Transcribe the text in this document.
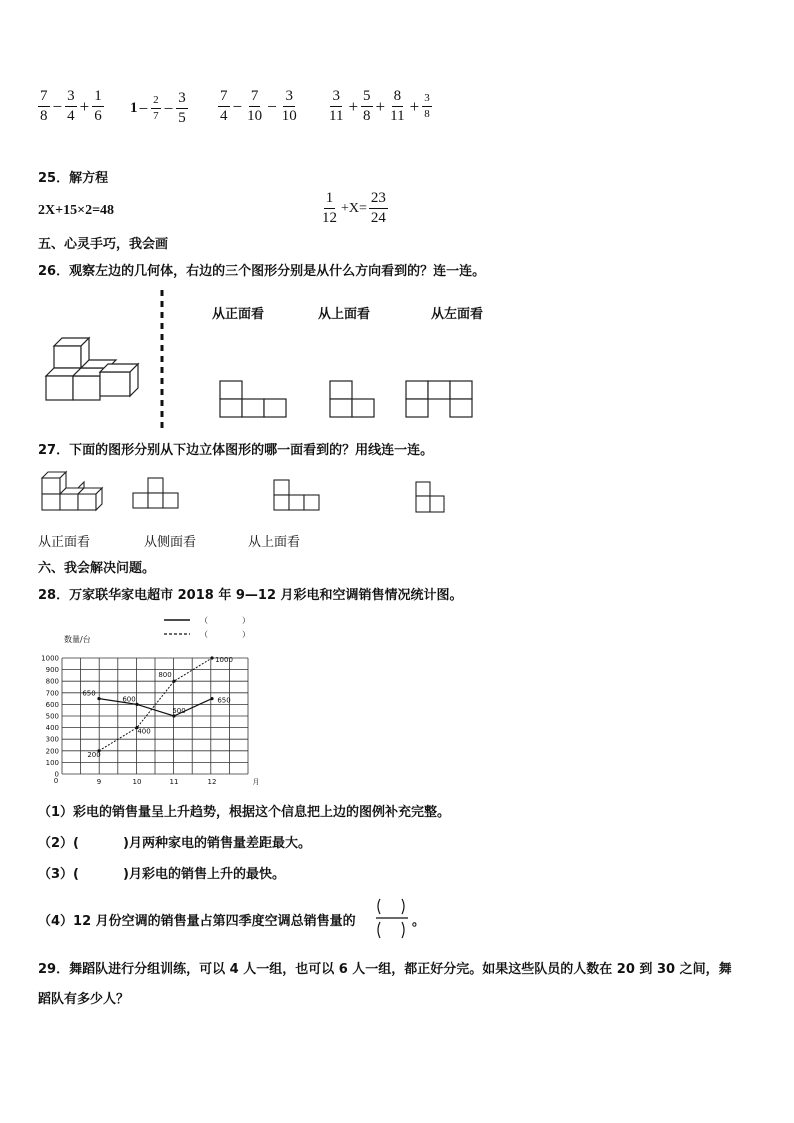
$\frac{7}{8} - \frac{3}{4} + \frac{1}{6} 1 - \frac{2}{7} - \frac{3}{5} \frac{7}{4} - \frac{7}{10} - \frac{3}{10} \frac{3}{11} + \frac{5}{8} + \frac{8}{11} + \frac{3}{8}$
25．解方程
2X+15×2=48	$\frac{1}{12} +X= \frac{23}{24}$
五、心灵手巧，我会画
26．观察左边的几何体，右边的三个图形分别是从什么方向看到的？连一连。
从正面看	从上面看	从左面看
27．下面的图形分别从下边立体图形的哪一面看到的？用线连一连。
从正面看	从侧面看	从上面看
六、我会解决问题。
28．万家联华家电超市 2018 年 9—12 月彩电和空调销售情况统计图。
（	）
（	）
0
100
200
300
400
500
600
700
800
900
1000
数量/台
0	9	10	11	12	月
650
600
500
650
200
400
800
1000
（1）彩电的销售量呈上升趋势，根据这个信息把上边的图例补充完整。
（2）(	)月两种家电的销售量差距最大。
（3）(	)月彩电的销售上升的最快。
（4）12 月份空调的销售量占第四季度空调总销售量的	。
29．舞蹈队进行分组训练，可以 4 人一组，也可以 6 人一组，都正好分完。如果这些队员的人数在 20 到 30 之间，舞
蹈队有多少人？
